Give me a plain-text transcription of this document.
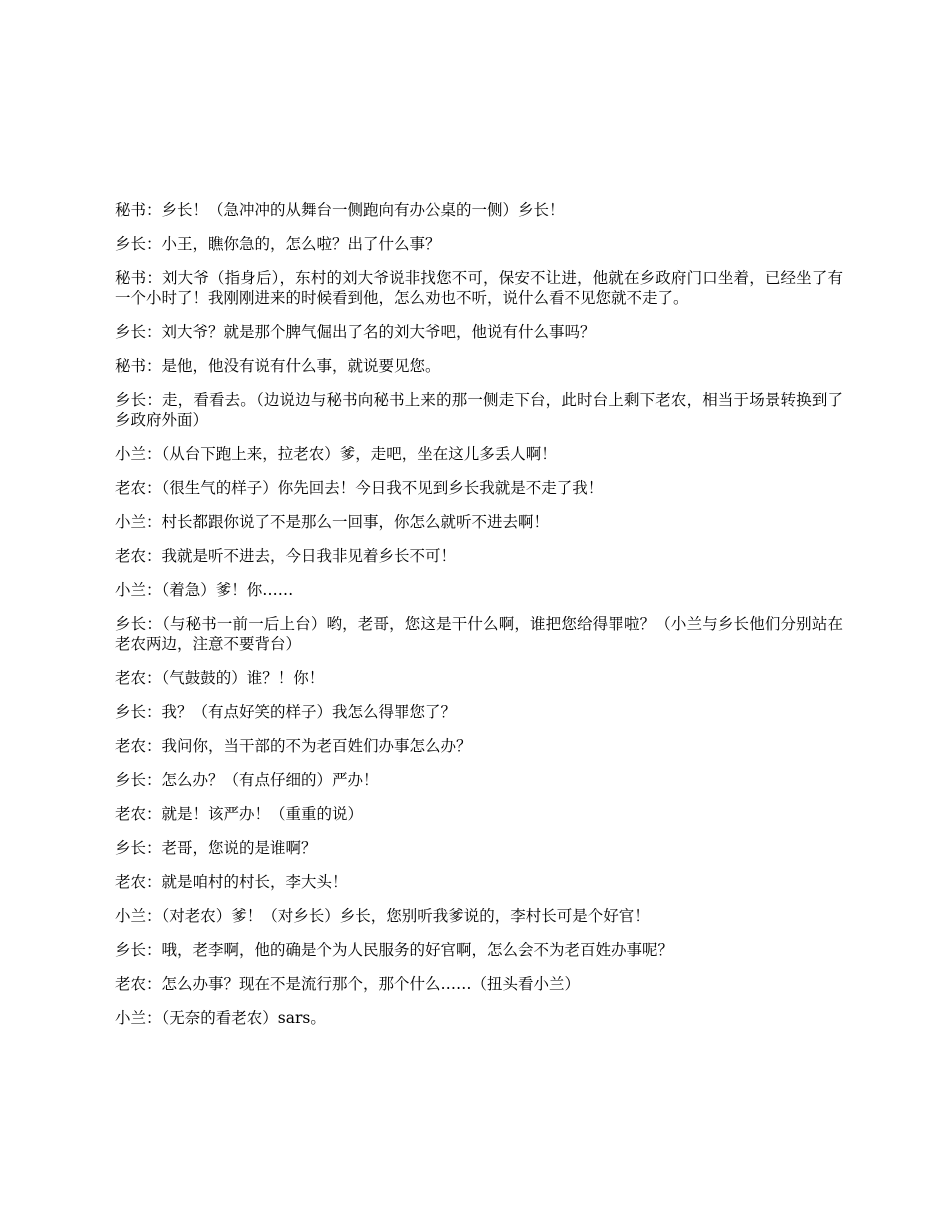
秘书：乡长！（急冲冲的从舞台一侧跑向有办公桌的一侧）乡长！

乡长：小王，瞧你急的，怎么啦？出了什么事？

秘书：刘大爷（指身后），东村的刘大爷说非找您不可，保安不让进，他就在乡政府门口坐着，已经坐了有一个小时了！我刚刚进来的时候看到他，怎么劝也不听，说什么看不见您就不走了。

乡长：刘大爷？就是那个脾气倔出了名的刘大爷吧，他说有什么事吗？

秘书：是他，他没有说有什么事，就说要见您。

乡长：走，看看去。（边说边与秘书向秘书上来的那一侧走下台，此时台上剩下老农，相当于场景转换到了乡政府外面）

小兰：（从台下跑上来，拉老农）爹，走吧，坐在这儿多丢人啊！

老农：（很生气的样子）你先回去！今日我不见到乡长我就是不走了我！

小兰：村长都跟你说了不是那么一回事，你怎么就听不进去啊！

老农：我就是听不进去，今日我非见着乡长不可！

小兰：（着急）爹！你……

乡长：（与秘书一前一后上台）哟，老哥，您这是干什么啊，谁把您给得罪啦？（小兰与乡长他们分别站在老农两边，注意不要背台）

老农：（气鼓鼓的）谁？！你！

乡长：我？（有点好笑的样子）我怎么得罪您了？

老农：我问你，当干部的不为老百姓们办事怎么办？

乡长：怎么办？（有点仔细的）严办！

老农：就是！该严办！（重重的说）

乡长：老哥，您说的是谁啊？

老农：就是咱村的村长，李大头！

小兰：（对老农）爹！（对乡长）乡长，您别听我爹说的，李村长可是个好官！

乡长：哦，老李啊，他的确是个为人民服务的好官啊，怎么会不为老百姓办事呢？

老农：怎么办事？现在不是流行那个，那个什么……（扭头看小兰）

小兰：（无奈的看老农）sars。
